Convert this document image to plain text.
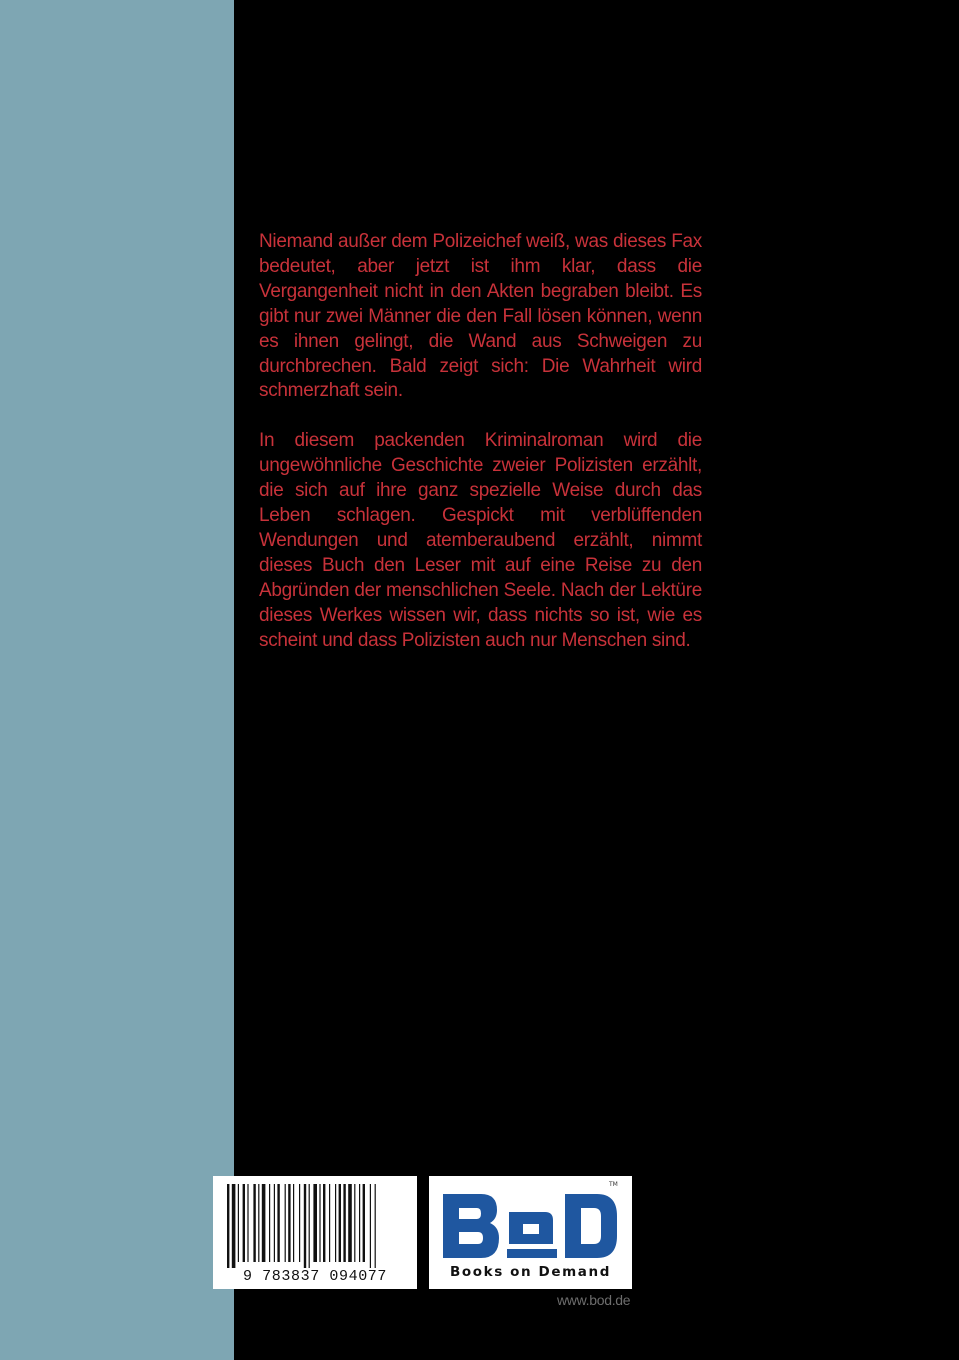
Niemand außer dem Polizeichef weiß, was dieses Fax bedeutet, aber jetzt ist ihm klar, dass die Vergangenheit nicht in den Akten begraben bleibt. Es gibt nur zwei Männer die den Fall lösen können, wenn es ihnen gelingt, die Wand aus Schweigen zu durchbrechen. Bald zeigt sich: Die Wahrheit wird schmerzhaft sein.

In diesem packenden Kriminalroman wird die ungewöhnliche Geschichte zweier Polizisten erzählt, die sich auf ihre ganz spezielle Weise durch das Leben schlagen. Gespickt mit verblüffenden Wendungen und atemberaubend erzählt, nimmt dieses Buch den Leser mit auf eine Reise zu den Abgründen der menschlichen Seele. Nach der Lektüre dieses Werkes wissen wir, dass nichts so ist, wie es scheint und dass Polizisten auch nur Menschen sind.

9 783837 094077
TM
Books on Demand
www.bod.de
